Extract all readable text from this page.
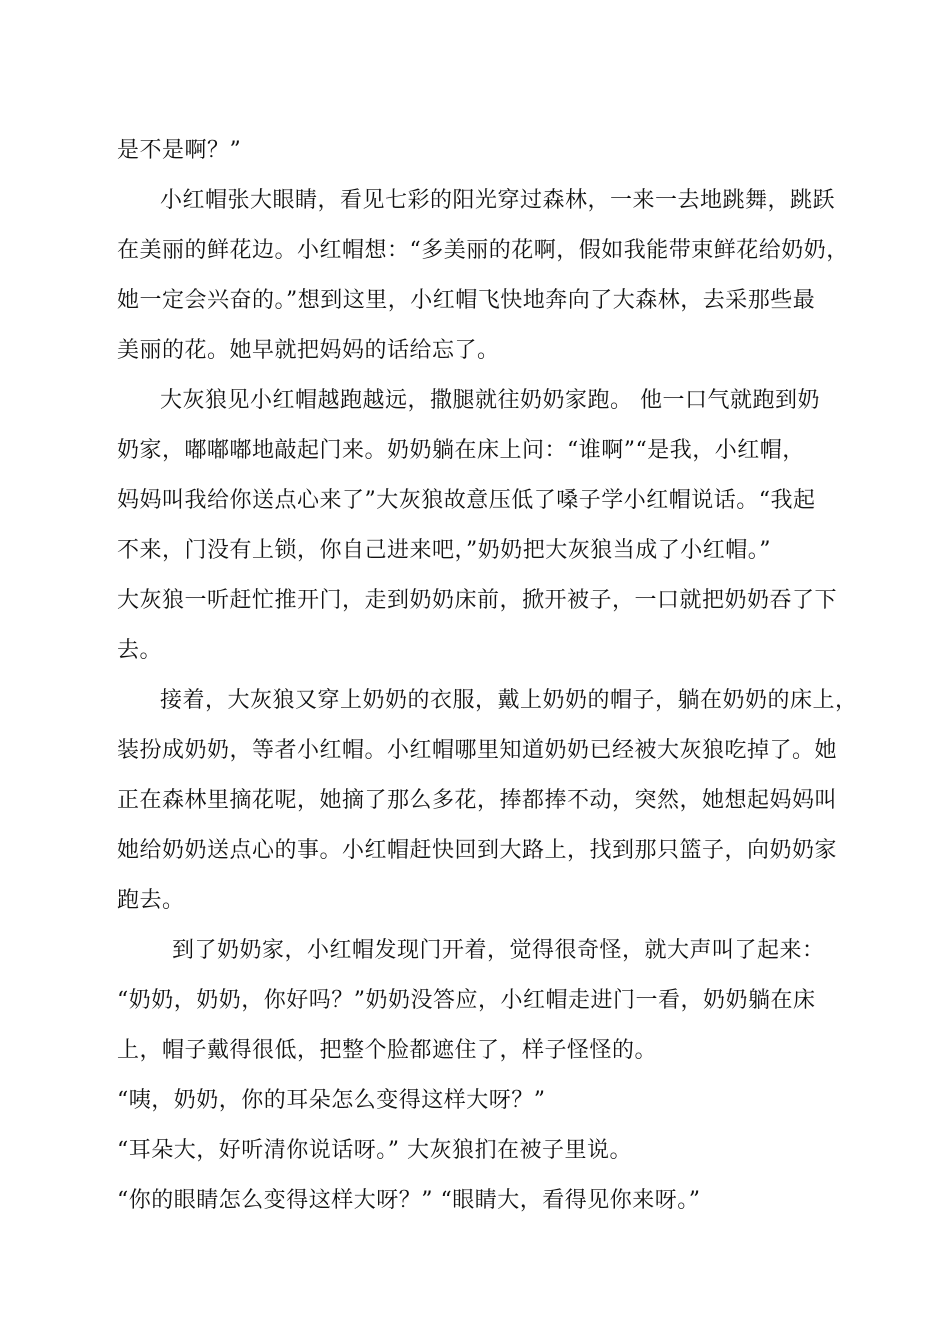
是不是啊？”
小红帽张大眼睛，看见七彩的阳光穿过森林，一来一去地跳舞，跳跃
在美丽的鲜花边。小红帽想：“多美丽的花啊，假如我能带束鲜花给奶奶，
她一定会兴奋的。”想到这里，小红帽飞快地奔向了大森林，去采那些最
美丽的花。她早就把妈妈的话给忘了。
大灰狼见小红帽越跑越远，撒腿就往奶奶家跑。 他一口气就跑到奶
奶家，嘟嘟嘟地敲起门来。奶奶躺在床上问：“谁啊”“是我，小红帽，
妈妈叫我给你送点心来了”大灰狼故意压低了嗓子学小红帽说话。“我起
不来，门没有上锁，你自己进来吧，”奶奶把大灰狼当成了小红帽。”
大灰狼一听赶忙推开门，走到奶奶床前，掀开被子，一口就把奶奶吞了下
去。
接着，大灰狼又穿上奶奶的衣服，戴上奶奶的帽子，躺在奶奶的床上，
装扮成奶奶，等者小红帽。小红帽哪里知道奶奶已经被大灰狼吃掉了。她
正在森林里摘花呢，她摘了那么多花，捧都捧不动，突然，她想起妈妈叫
她给奶奶送点心的事。小红帽赶快回到大路上，找到那只篮子，向奶奶家
跑去。
到了奶奶家，小红帽发现门开着，觉得很奇怪，就大声叫了起来：
“奶奶，奶奶，你好吗？”奶奶没答应，小红帽走进门一看，奶奶躺在床
上，帽子戴得很低，把整个脸都遮住了，样子怪怪的。
“咦，奶奶，你的耳朵怎么变得这样大呀？”
“耳朵大，好听清你说话呀。” 大灰狼扪在被子里说。
“你的眼睛怎么变得这样大呀？” “眼睛大，看得见你来呀。”
